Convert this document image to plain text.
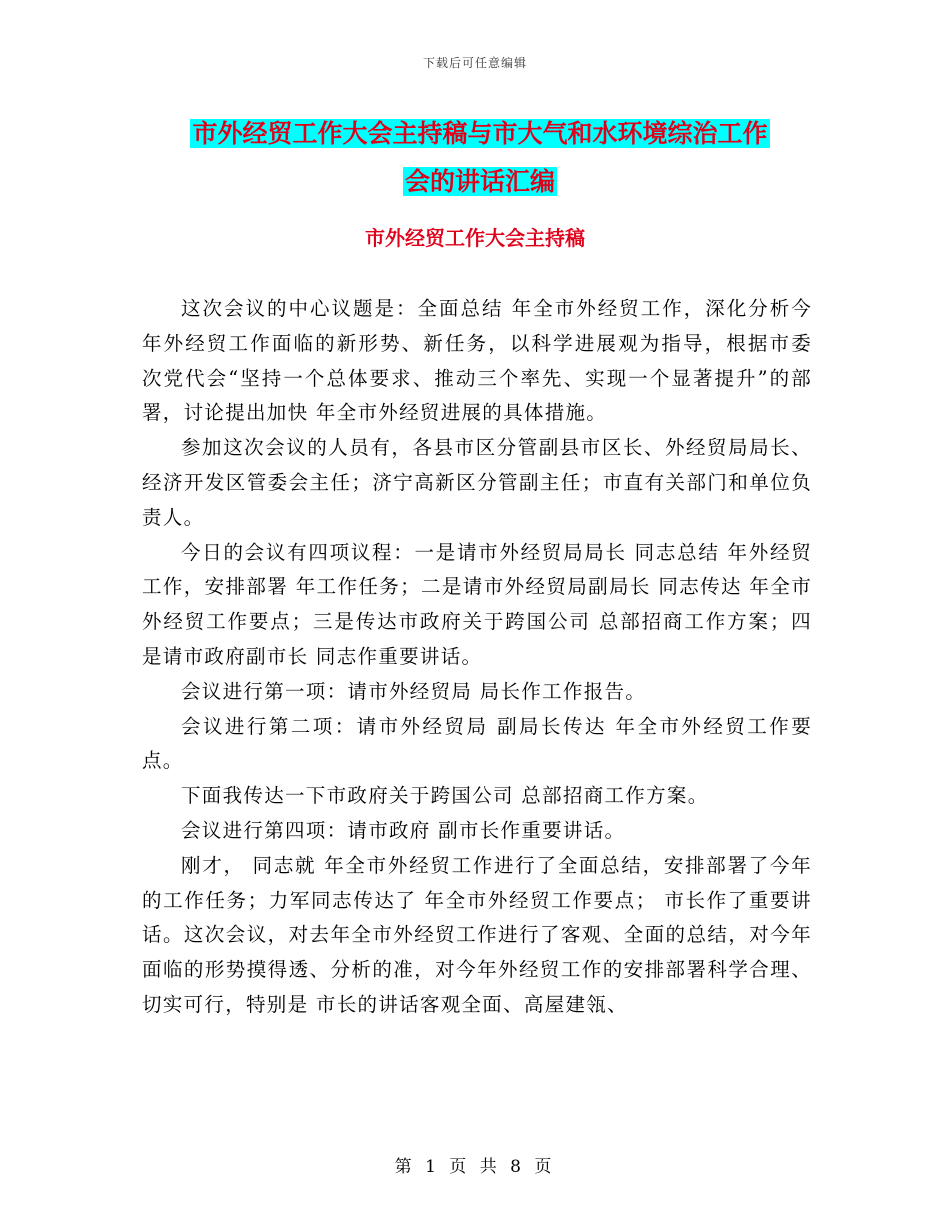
下载后可任意编辑
市外经贸工作大会主持稿与市大气和水环境综治工作
会的讲话汇编
市外经贸工作大会主持稿

这次会议的中心议题是：全面总结 年全市外经贸工作，深化分析今年外经贸工作面临的新形势、新任务，以科学进展观为指导，根据市委 次党代会“坚持一个总体要求、推动三个率先、实现一个显著提升”的部署，讨论提出加快 年全市外经贸进展的具体措施。

参加这次会议的人员有，各县市区分管副县市区长、外经贸局局长、经济开发区管委会主任；济宁高新区分管副主任；市直有关部门和单位负责人。

今日的会议有四项议程：一是请市外经贸局局长 同志总结 年外经贸工作，安排部署 年工作任务；二是请市外经贸局副局长 同志传达 年全市外经贸工作要点；三是传达市政府关于跨国公司 总部招商工作方案；四是请市政府副市长 同志作重要讲话。

会议进行第一项：请市外经贸局 局长作工作报告。

会议进行第二项：请市外经贸局 副局长传达 年全市外经贸工作要点。

下面我传达一下市政府关于跨国公司 总部招商工作方案。

会议进行第四项：请市政府 副市长作重要讲话。

刚才， 同志就 年全市外经贸工作进行了全面总结，安排部署了今年的工作任务；力军同志传达了 年全市外经贸工作要点； 市长作了重要讲话。这次会议，对去年全市外经贸工作进行了客观、全面的总结，对今年面临的形势摸得透、分析的准，对今年外经贸工作的安排部署科学合理、切实可行，特别是 市长的讲话客观全面、高屋建瓴、

第 1 页 共 8 页
